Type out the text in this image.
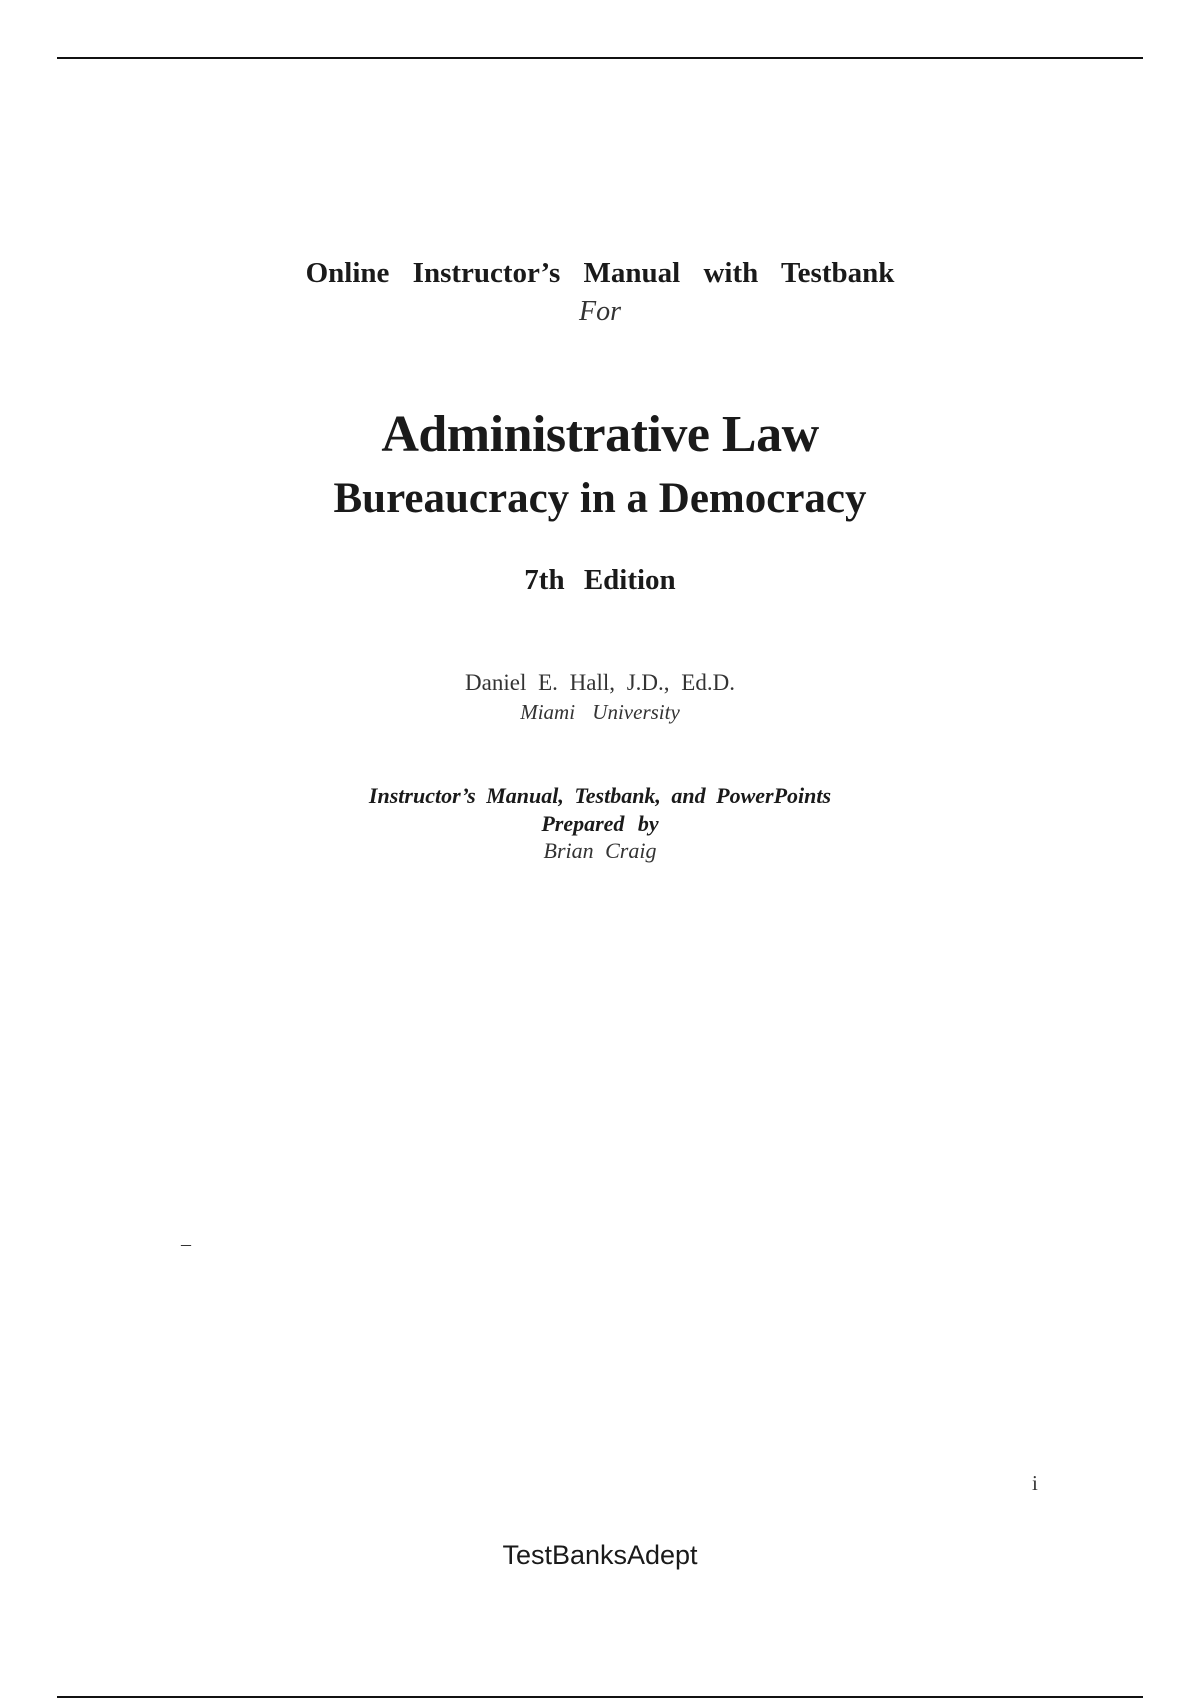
Online Instructor’s Manual with Testbank

For

Administrative Law
Bureaucracy in a Democracy

7th Edition

Daniel E. Hall, J.D., Ed.D.

Miami University

Instructor’s Manual, Testbank, and PowerPoints

Prepared by

Brian Craig

–

i

TestBanksAdept
